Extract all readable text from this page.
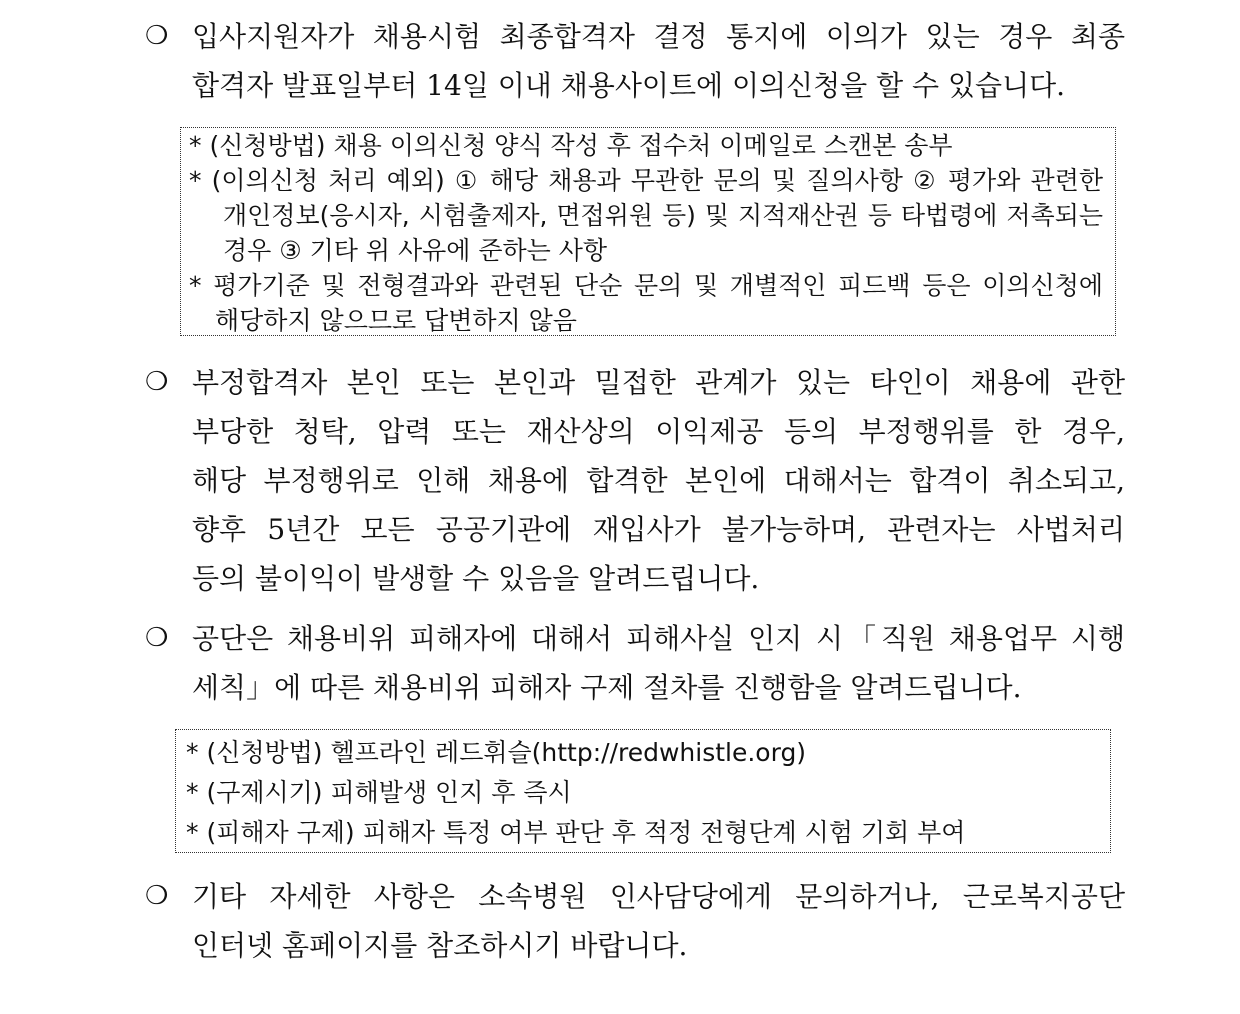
❍ 입사지원자가 채용시험 최종합격자 결정 통지에 이의가 있는 경우 최종
합격자 발표일부터 14일 이내 채용사이트에 이의신청을 할 수 있습니다.
* (신청방법) 채용 이의신청 양식 작성 후 접수처 이메일로 스캔본 송부
* (이의신청 처리 예외) ① 해당 채용과 무관한 문의 및 질의사항 ② 평가와 관련한
개인정보(응시자, 시험출제자, 면접위원 등) 및 지적재산권 등 타법령에 저촉되는
경우 ③ 기타 위 사유에 준하는 사항
* 평가기준 및 전형결과와 관련된 단순 문의 및 개별적인 피드백 등은 이의신청에
해당하지 않으므로 답변하지 않음
❍ 부정합격자 본인 또는 본인과 밀접한 관계가 있는 타인이 채용에 관한
부당한 청탁, 압력 또는 재산상의 이익제공 등의 부정행위를 한 경우,
해당 부정행위로 인해 채용에 합격한 본인에 대해서는 합격이 취소되고,
향후 5년간 모든 공공기관에 재입사가 불가능하며, 관련자는 사법처리
등의 불이익이 발생할 수 있음을 알려드립니다.
❍ 공단은 채용비위 피해자에 대해서 피해사실 인지 시「직원 채용업무 시행
세칙」에 따른 채용비위 피해자 구제 절차를 진행함을 알려드립니다.
* (신청방법) 헬프라인 레드휘슬(http://redwhistle.org)
* (구제시기) 피해발생 인지 후 즉시
* (피해자 구제) 피해자 특정 여부 판단 후 적정 전형단계 시험 기회 부여
❍ 기타 자세한 사항은 소속병원 인사담당에게 문의하거나, 근로복지공단
인터넷 홈페이지를 참조하시기 바랍니다.
